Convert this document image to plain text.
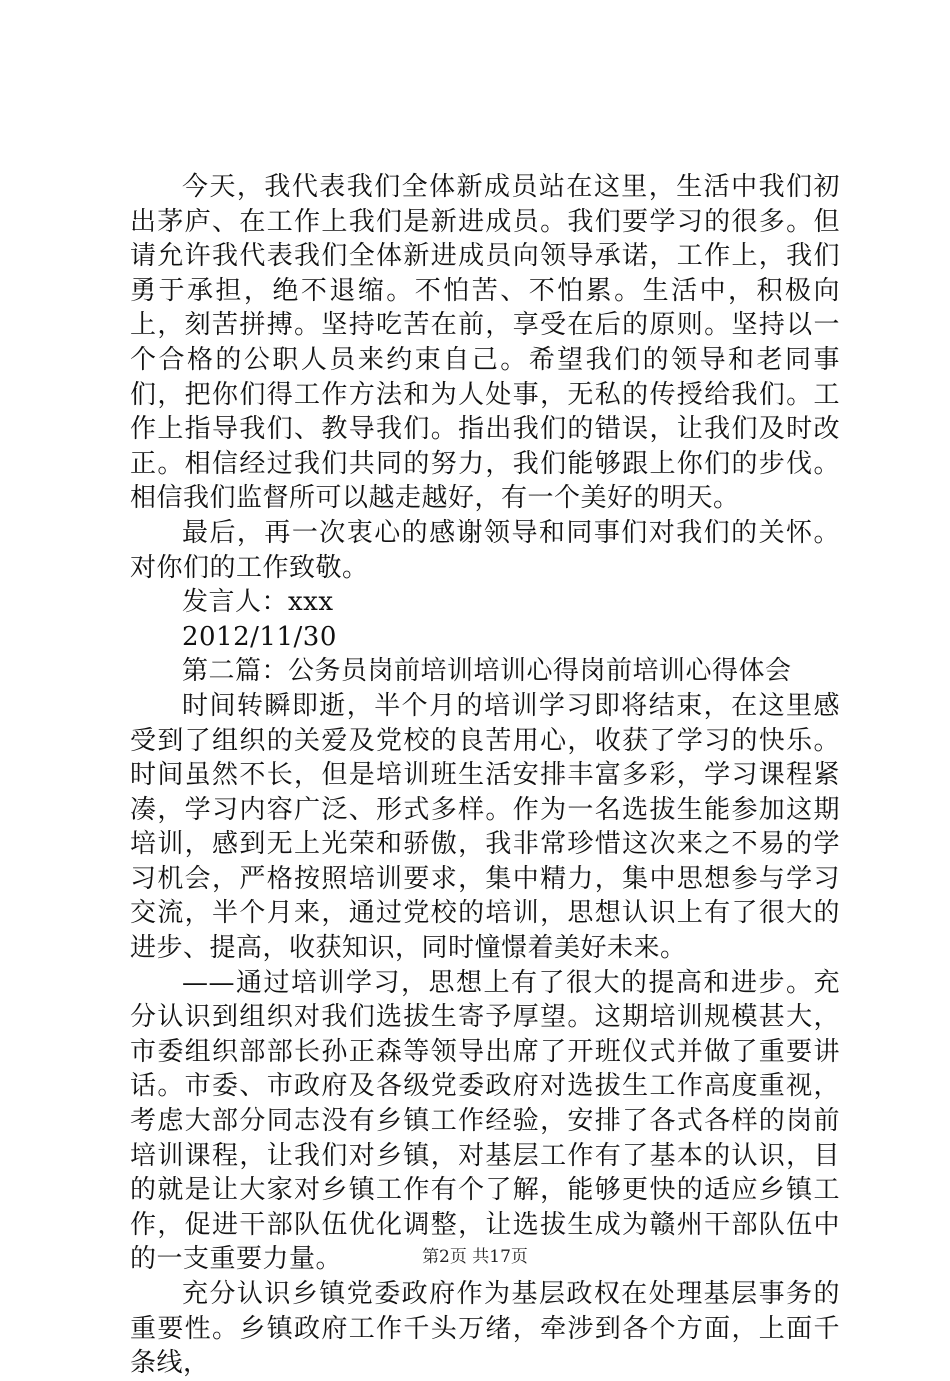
今天，我代表我们全体新成员站在这里，生活中我们初出茅庐、在工作上我们是新进成员。我们要学习的很多。但请允许我代表我们全体新进成员向领导承诺，工作上，我们勇于承担，绝不退缩。不怕苦、不怕累。生活中，积极向上，刻苦拼搏。坚持吃苦在前，享受在后的原则。坚持以一个合格的公职人员来约束自己。希望我们的领导和老同事们，把你们得工作方法和为人处事，无私的传授给我们。工作上指导我们、教导我们。指出我们的错误，让我们及时改正。相信经过我们共同的努力，我们能够跟上你们的步伐。相信我们监督所可以越走越好，有一个美好的明天。

最后，再一次衷心的感谢领导和同事们对我们的关怀。对你们的工作致敬。

发言人：xxx

2012/11/30

第二篇：公务员岗前培训培训心得岗前培训心得体会

时间转瞬即逝，半个月的培训学习即将结束，在这里感受到了组织的关爱及党校的良苦用心，收获了学习的快乐。时间虽然不长，但是培训班生活安排丰富多彩，学习课程紧凑，学习内容广泛、形式多样。作为一名选拔生能参加这期培训，感到无上光荣和骄傲，我非常珍惜这次来之不易的学习机会，严格按照培训要求，集中精力，集中思想参与学习交流，半个月来，通过党校的培训，思想认识上有了很大的进步、提高，收获知识，同时憧憬着美好未来。

——通过培训学习，思想上有了很大的提高和进步。充分认识到组织对我们选拔生寄予厚望。这期培训规模甚大，市委组织部部长孙正森等领导出席了开班仪式并做了重要讲话。市委、市政府及各级党委政府对选拔生工作高度重视，考虑大部分同志没有乡镇工作经验，安排了各式各样的岗前培训课程，让我们对乡镇，对基层工作有了基本的认识，目的就是让大家对乡镇工作有个了解，能够更快的适应乡镇工作，促进干部队伍优化调整，让选拔生成为赣州干部队伍中的一支重要力量。

充分认识乡镇党委政府作为基层政权在处理基层事务的重要性。乡镇政府工作千头万绪，牵涉到各个方面，上面千条线，

第2页 共17页
